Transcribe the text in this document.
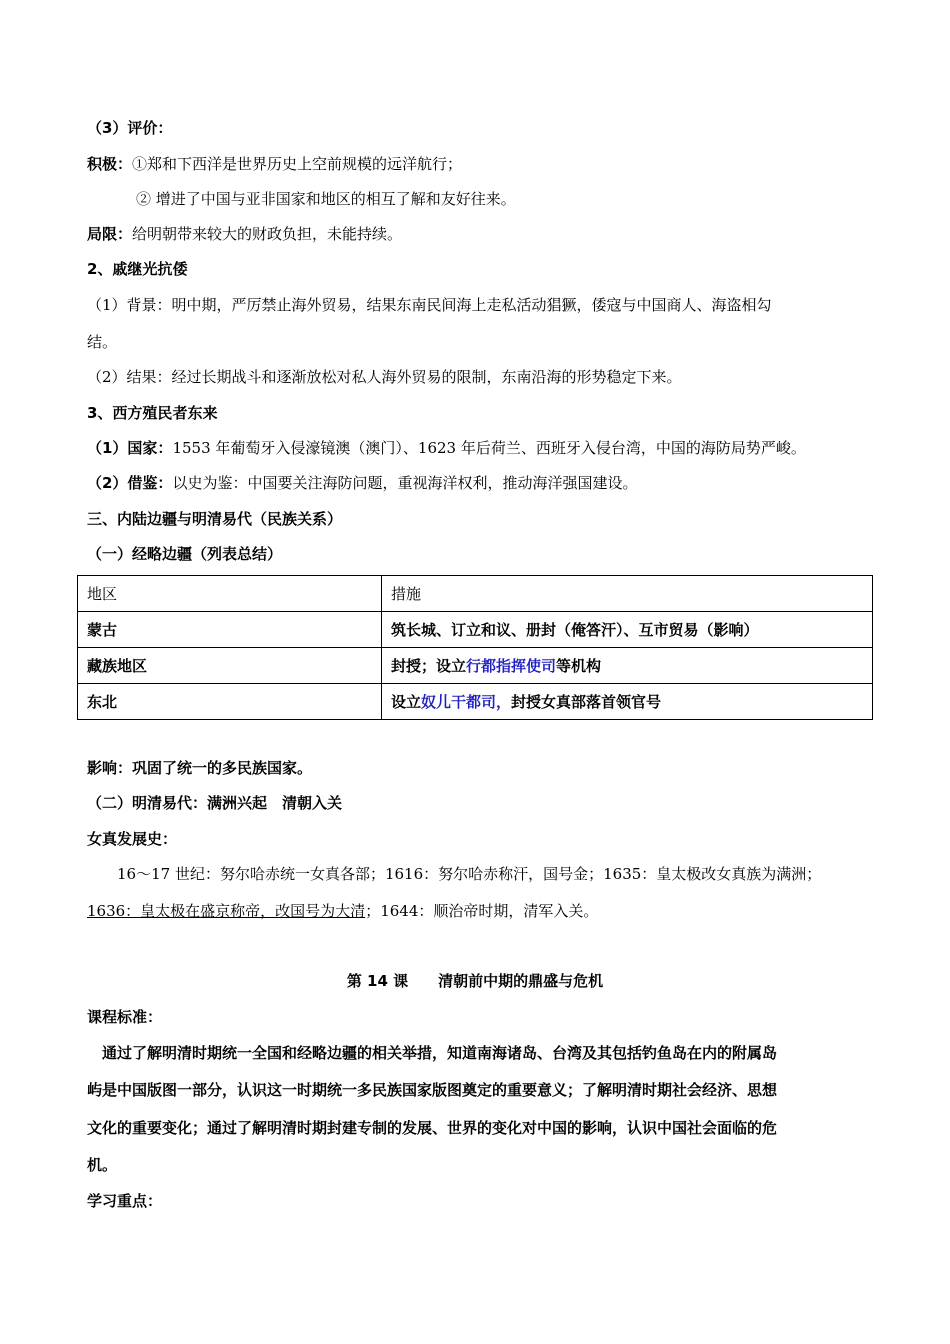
（3）评价：
积极：①郑和下西洋是世界历史上空前规模的远洋航行；
② 增进了中国与亚非国家和地区的相互了解和友好往来。
局限：给明朝带来较大的财政负担，未能持续。
2、戚继光抗倭
（1）背景：明中期，严厉禁止海外贸易，结果东南民间海上走私活动猖獗，倭寇与中国商人、海盗相勾
结。
（2）结果：经过长期战斗和逐渐放松对私人海外贸易的限制，东南沿海的形势稳定下来。
3、西方殖民者东来
（1）国家：1553 年葡萄牙入侵濠镜澳（澳门）、1623 年后荷兰、西班牙入侵台湾，中国的海防局势严峻。
（2）借鉴：以史为鉴：中国要关注海防问题，重视海洋权利，推动海洋强国建设。
三、内陆边疆与明清易代（民族关系）
（一）经略边疆（列表总结）
地区	措施
蒙古	筑长城、订立和议、册封（俺答汗）、互市贸易（影响）
藏族地区	封授；设立行都指挥使司等机构
东北	设立奴儿干都司，封授女真部落首领官号
影响：巩固了统一的多民族国家。
（二）明清易代：满洲兴起　清朝入关
女真发展史：
16～17 世纪：努尔哈赤统一女真各部；1616：努尔哈赤称汗，国号金；1635：皇太极改女真族为满洲；
1636：皇太极在盛京称帝，改国号为大清；1644：顺治帝时期，清军入关。
第 14 课　　清朝前中期的鼎盛与危机
课程标准：
　通过了解明清时期统一全国和经略边疆的相关举措，知道南海诸岛、台湾及其包括钓鱼岛在内的附属岛
屿是中国版图一部分，认识这一时期统一多民族国家版图奠定的重要意义；了解明清时期社会经济、思想
文化的重要变化；通过了解明清时期封建专制的发展、世界的变化对中国的影响，认识中国社会面临的危
机。
学习重点：
